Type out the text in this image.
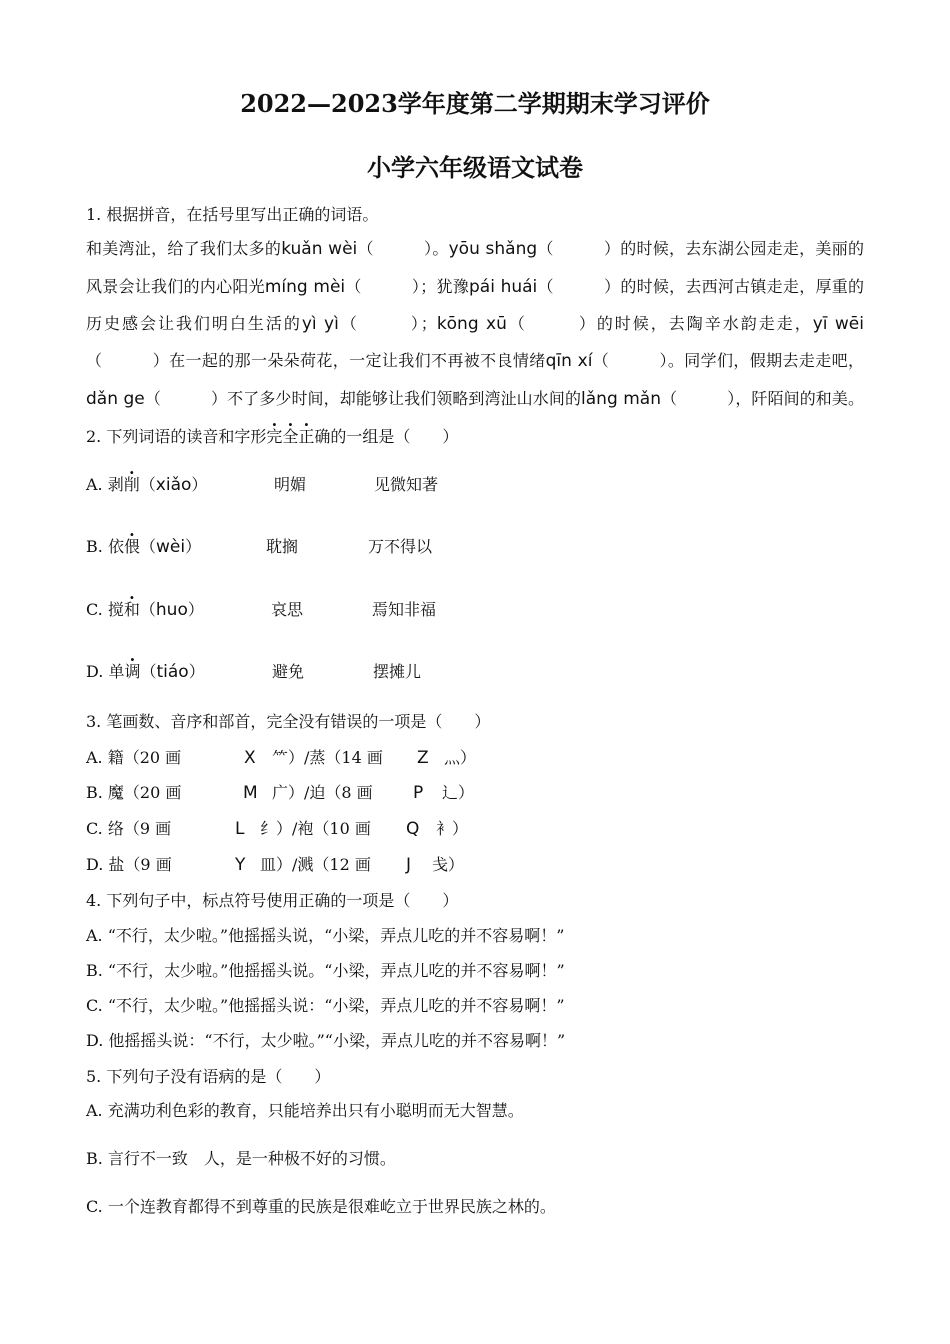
2022—2023学年度第二学期期末学习评价
小学六年级语文试卷
1. 根据拼音，在括号里写出正确的词语。
和美湾沚，给了我们太多的kuǎn wèi（	）。yōu shǎng（	）的时候，去东湖公园走走，美丽的
风景会让我们的内心阳光míng mèi（	）；犹豫pái huái（	）的时候，去西河古镇走走，厚重的
历史感会让我们明白生活的yì yì（	）；kōng xū（	）的时候，去陶辛水韵走走，yī wēi
（	）在一起的那一朵朵荷花，一定让我们不再被不良情绪qīn xí（	）。同学们，假期去走走吧，
dǎn ge（	）不了多少时间，却能够让我们领略到湾沚山水间的lǎng mǎn（	），阡陌间的和美。
2. 下列词语的读音和字形完全正确的一组是（　　）
A. 剥削（xiǎo）	明媚	见微知著
B. 依偎（wèi）	耽搁	万不得以
C. 搅和（huo）	哀思	焉知非福
D. 单调（tiáo）	避免	摆摊儿
3. 笔画数、音序和部首，完全没有错误的一项是（　　）
A. 籍（20 画	X ⺮）/蒸（14 画 Z 灬）
B. 魔（20 画	M 广）/迫（8 画 P 辶）
C. 络（9 画	L 纟）/袍（10 画 Q 衤）
D. 盐（9 画	Y 皿）/溅（12 画 J 戋）
4. 下列句子中，标点符号使用正确的一项是（　　）
A. “不行，太少啦。”他摇摇头说，“小梁，弄点儿吃的并不容易啊！”
B. “不行，太少啦。”他摇摇头说。“小梁，弄点儿吃的并不容易啊！”
C. “不行，太少啦。”他摇摇头说：“小梁，弄点儿吃的并不容易啊！”
D. 他摇摇头说：“不行，太少啦。”“小梁，弄点儿吃的并不容易啊！”
5. 下列句子没有语病的是（　　）
A. 充满功利色彩的教育，只能培养出只有小聪明而无大智慧。
B. 言行不一致　人，是一种极不好的习惯。
C. 一个连教育都得不到尊重的民族是很难屹立于世界民族之林的。
